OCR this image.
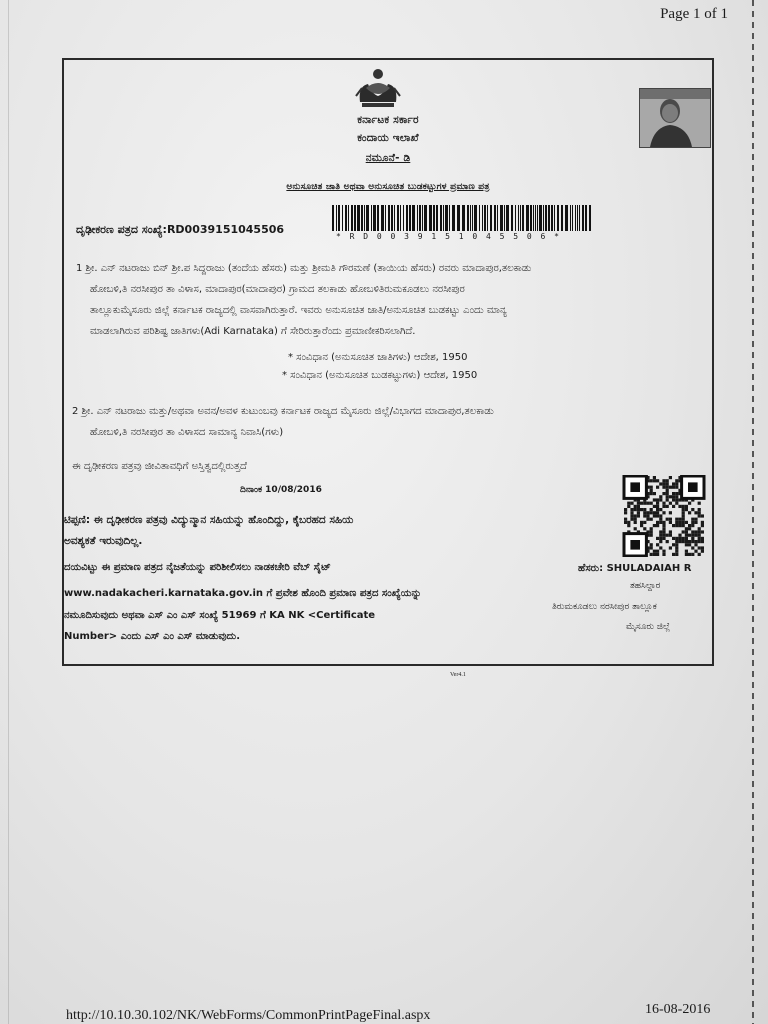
Page 1 of 1
ಕರ್ನಾಟಕ ಸರ್ಕಾರ
ಕಂದಾಯ ಇಲಾಖೆ
ನಮೂನೆ- ಡಿ
ಅನುಸೂಚಿತ ಜಾತಿ ಅಥವಾ ಅನುಸೂಚಿತ ಬುಡಕಟ್ಟುಗಳ ಪ್ರಮಾಣ ಪತ್ರ
ದೃಢೀಕರಣ ಪತ್ರದ ಸಂಖ್ಯೆ:RD0039151045506
* R D 0 0 3 9 1 5 1 0 4 5 5 0 6 *
1 ಶ್ರೀ. ಎನ್ ನಟರಾಜು ಬಿನ್ ಶ್ರೀ.ಪ ಸಿದ್ದರಾಜು (ತಂದೆಯ ಹೆಸರು) ಮತ್ತು ಶ್ರೀಮತಿ ಗೌರಮಣೆ (ತಾಯಿಯ ಹೆಸರು) ರವರು ಮಾದಾಪುರ,ತಲಕಾಡು
ಹೋಬಳಿ,ತಿ ನರಸೀಪುರ ತಾ ವಿಳಾಸ, ಮಾದಾಪುರ(ಮಾದಾಪುರ) ಗ್ರಾಮದ ತಲಕಾಡು ಹೋಬಳಿತಿರುಮಕೂಡಲು ನರಸೀಪುರ
ತಾಲ್ಲೂಕುಮೈಸೂರು ಜಿಲ್ಲೆ ಕರ್ನಾಟಕ ರಾಜ್ಯದಲ್ಲಿ ವಾಸವಾಗಿರುತ್ತಾರೆ. ಇವರು ಅನುಸೂಚಿತ ಜಾತಿ/ಅನುಸೂಚಿತ ಬುಡಕಟ್ಟು ಎಂದು ಮಾನ್ಯ
ಮಾಡಲಾಗಿರುವ ಪರಿಶಿಷ್ಟ ಜಾತಿಗಳು(Adi Karnataka) ಗೆ ಸೇರಿರುತ್ತಾರೆಂದು ಪ್ರಮಾಣೀಕರಿಸಲಾಗಿದೆ.
* ಸಂವಿಧಾನ (ಅನುಸೂಚಿತ ಜಾತಿಗಳು) ಆದೇಶ, 1950
* ಸಂವಿಧಾನ (ಅನುಸೂಚಿತ ಬುಡಕಟ್ಟುಗಳು) ಆದೇಶ, 1950
2 ಶ್ರೀ. ಎನ್ ನಟರಾಜು ಮತ್ತು/ಅಥವಾ ಅವನ/ಅವಳ ಕುಟುಂಬವು ಕರ್ನಾಟಕ ರಾಜ್ಯದ ಮೈಸೂರು ಜಿಲ್ಲೆ/ವಿಭಾಗದ ಮಾದಾಪುರ,ತಲಕಾಡು
ಹೋಬಳಿ,ತಿ ನರಸೀಪುರ ತಾ ವಿಳಾಸದ ಸಾಮಾನ್ಯ ನಿವಾಸಿ(ಗಳು)
ಈ ದೃಢೀಕರಣ ಪತ್ರವು ಜೀವಿತಾವಧಿಗೆ ಅಸ್ತಿತ್ವದಲ್ಲಿರುತ್ತದೆ
ದಿನಾಂಕ 10/08/2016
ಟಿಪ್ಪಣಿ: ಈ ದೃಢೀಕರಣ ಪತ್ರವು ವಿದ್ಯುನ್ಮಾನ ಸಹಿಯನ್ನು ಹೊಂದಿದ್ದು, ಕೈಬರಹದ ಸಹಿಯ
ಅವಶ್ಯಕತೆ ಇರುವುದಿಲ್ಲ.
ದಯವಿಟ್ಟು ಈ ಪ್ರಮಾಣ ಪತ್ರದ ನೈಜತೆಯನ್ನು ಪರಿಶೀಲಿಸಲು ನಾಡಕಚೇರಿ ವೆಬ್ ಸೈಟ್
www.nadakacheri.karnataka.gov.in ಗೆ ಪ್ರವೇಶ ಹೊಂದಿ ಪ್ರಮಾಣ ಪತ್ರದ ಸಂಖ್ಯೆಯನ್ನು
ನಮೂದಿಸುವುದು ಅಥವಾ ಎಸ್ ಎಂ ಎಸ್ ಸಂಖ್ಯೆ 51969 ಗೆ KA NK <Certificate
Number> ಎಂದು ಎಸ್ ಎಂ ಎಸ್ ಮಾಡುವುದು.
ಹೆಸರು: SHULADAIAH R
ತಹಸಿಲ್ದಾರ
ತಿರುಮಕೂಡಲು ನರಸೀಪುರ ತಾಲ್ಲೂಕ
ಮೈಸೂರು ಜಿಲ್ಲೆ
Ver4.1
http://10.10.30.102/NK/WebForms/CommonPrintPageFinal.aspx	16-08-2016
